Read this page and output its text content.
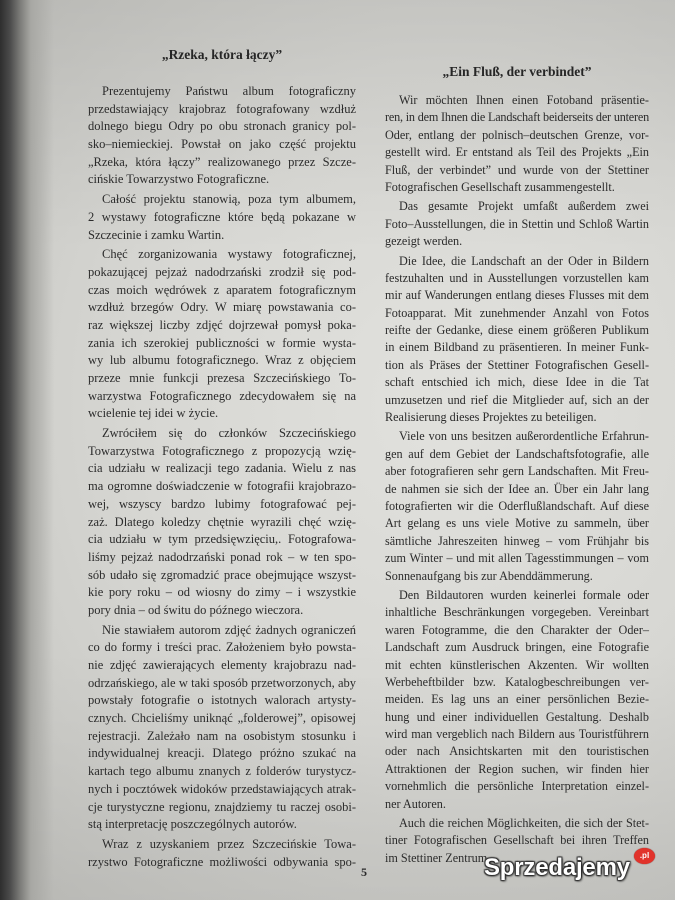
„Rzeka, która łączy”
„Ein Fluß, der verbindet”
Prezentujemy Państwu album fotograficzny
przedstawiający krajobraz fotografowany wzdłuż
dolnego biegu Odry po obu stronach granicy pol-
sko–niemieckiej. Powstał on jako część projektu
„Rzeka, która łączy” realizowanego przez Szcze-
cińskie Towarzystwo Fotograficzne.
Całość projektu stanowią, poza tym albumem,
2 wystawy fotograficzne które będą pokazane w
Szczecinie i zamku Wartin.
Chęć zorganizowania wystawy fotograficznej,
pokazującej pejzaż nadodrzański zrodził się pod-
czas moich wędrówek z aparatem fotograficznym
wzdłuż brzegów Odry. W miarę powstawania co-
raz większej liczby zdjęć dojrzewał pomysł poka-
zania ich szerokiej publiczności w formie wysta-
wy lub albumu fotograficznego. Wraz z objęciem
przeze mnie funkcji prezesa Szczecińskiego To-
warzystwa Fotograficznego zdecydowałem się na
wcielenie tej idei w życie.
Zwróciłem się do członków Szczecińskiego
Towarzystwa Fotograficznego z propozycją wzię-
cia udziału w realizacji tego zadania. Wielu z nas
ma ogromne doświadczenie w fotografii krajobrazo-
wej, wszyscy bardzo lubimy fotografować pej-
zaż. Dlatego koledzy chętnie wyrazili chęć wzię-
cia udziału w tym przedsięwzięciu,. Fotografowa-
liśmy pejzaż nadodrzański ponad rok – w ten spo-
sób udało się zgromadzić prace obejmujące wszyst-
kie pory roku – od wiosny do zimy – i wszystkie
pory dnia – od świtu do późnego wieczora.
Nie stawiałem autorom zdjęć żadnych ograniczeń
co do formy i treści prac. Założeniem było powsta-
nie zdjęć zawierających elementy krajobrazu nad-
odrzańskiego, ale w taki sposób przetworzonych, aby
powstały fotografie o istotnych walorach artysty-
cznych. Chcieliśmy uniknąć „folderowej”, opisowej
rejestracji. Zależało nam na osobistym stosunku i
indywidualnej kreacji. Dlatego próżno szukać na
kartach tego albumu znanych z folderów turystycz-
nych i pocztówek widoków przedstawiających atrak-
cje turystyczne regionu, znajdziemy tu raczej osobi-
stą interpretację poszczególnych autorów.
Wraz z uzyskaniem przez Szczecińskie Towa-
rzystwo Fotograficzne możliwości odbywania spo-
Wir möchten Ihnen einen Fotoband präsentie-
ren, in dem Ihnen die Landschaft beiderseits der unteren
Oder, entlang der polnisch–deutschen Grenze, vor-
gestellt wird. Er entstand als Teil des Projekts „Ein
Fluß, der verbindet” und wurde von der Stettiner
Fotografischen Gesellschaft zusammengestellt.
Das gesamte Projekt umfaßt außerdem zwei
Foto–Ausstellungen, die in Stettin und Schloß Wartin
gezeigt werden.
Die Idee, die Landschaft an der Oder in Bildern
festzuhalten und in Ausstellungen vorzustellen kam
mir auf Wanderungen entlang dieses Flusses mit dem
Fotoapparat. Mit zunehmender Anzahl von Fotos
reifte der Gedanke, diese einem größeren Publikum
in einem Bildband zu präsentieren. In meiner Funk-
tion als Präses der Stettiner Fotografischen Gesell-
schaft entschied ich mich, diese Idee in die Tat
umzusetzen und rief die Mitglieder auf, sich an der
Realisierung dieses Projektes zu beteiligen.
Viele von uns besitzen außerordentliche Erfahrun-
gen auf dem Gebiet der Landschaftsfotografie, alle
aber fotografieren sehr gern Landschaften. Mit Freu-
de nahmen sie sich der Idee an. Über ein Jahr lang
fotografierten wir die Oderflußlandschaft. Auf diese
Art gelang es uns viele Motive zu sammeln, über
sämtliche Jahreszeiten hinweg – vom Frühjahr bis
zum Winter – und mit allen Tagesstimmungen – vom
Sonnenaufgang bis zur Abenddämmerung.
Den Bildautoren wurden keinerlei formale oder
inhaltliche Beschränkungen vorgegeben. Vereinbart
waren Fotogramme, die den Charakter der Oder–
Landschaft zum Ausdruck bringen, eine Fotografie
mit echten künstlerischen Akzenten. Wir wollten
Werbeheftbilder bzw. Katalogbeschreibungen ver-
meiden. Es lag uns an einer persönlichen Bezie-
hung und einer individuellen Gestaltung. Deshalb
wird man vergeblich nach Bildern aus Touristführern
oder nach Ansichtskarten mit den touristischen
Attraktionen der Region suchen, wir finden hier
vornehmlich die persönliche Interpretation einzel-
ner Autoren.
Auch die reichen Möglichkeiten, die sich der Stet-
tiner Fotografischen Gesellschaft bei ihren Treffen
im Stettiner Zentrum
5	Sprzedajemy	.pl
